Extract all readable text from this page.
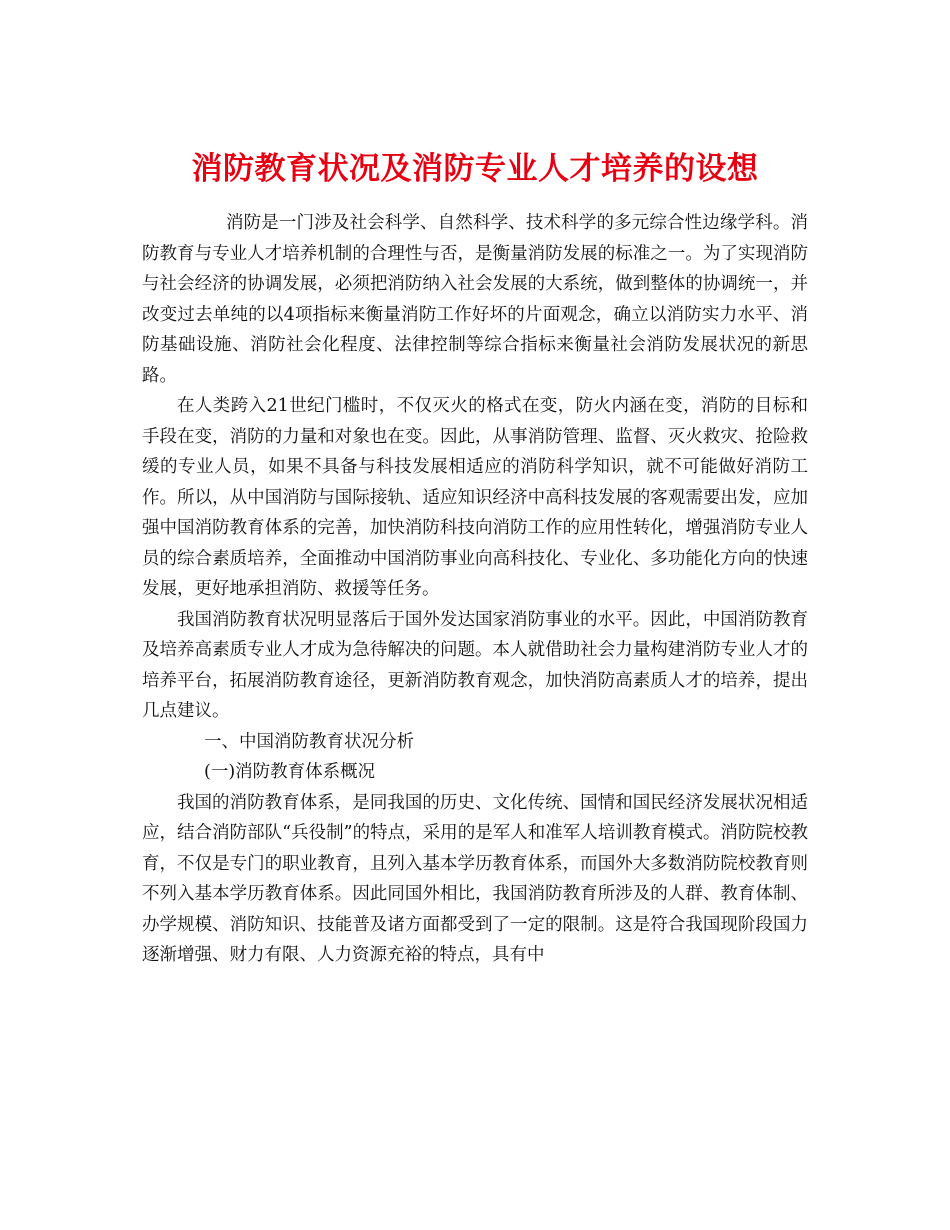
消防教育状况及消防专业人才培养的设想

消防是一门涉及社会科学、自然科学、技术科学的多元综合性边缘学科。消防教育与专业人才培养机制的合理性与否，是衡量消防发展的标准之一。为了实现消防与社会经济的协调发展，必须把消防纳入社会发展的大系统，做到整体的协调统一，并改变过去单纯的以4项指标来衡量消防工作好坏的片面观念，确立以消防实力水平、消防基础设施、消防社会化程度、法律控制等综合指标来衡量社会消防发展状况的新思路。

在人类跨入21世纪门槛时，不仅灭火的格式在变，防火内涵在变，消防的目标和手段在变，消防的力量和对象也在变。因此，从事消防管理、监督、灭火救灾、抢险救缓的专业人员，如果不具备与科技发展相适应的消防科学知识，就不可能做好消防工作。所以，从中国消防与国际接轨、适应知识经济中高科技发展的客观需要出发，应加强中国消防教育体系的完善，加快消防科技向消防工作的应用性转化，增强消防专业人员的综合素质培养，全面推动中国消防事业向高科技化、专业化、多功能化方向的快速发展，更好地承担消防、救援等任务。

我国消防教育状况明显落后于国外发达国家消防事业的水平。因此，中国消防教育及培养高素质专业人才成为急待解决的问题。本人就借助社会力量构建消防专业人才的培养平台，拓展消防教育途径，更新消防教育观念，加快消防高素质人才的培养，提出几点建议。

一、中国消防教育状况分析

(一)消防教育体系概况

我国的消防教育体系，是同我国的历史、文化传统、国情和国民经济发展状况相适应，结合消防部队“兵役制”的特点，采用的是军人和准军人培训教育模式。消防院校教育，不仅是专门的职业教育，且列入基本学历教育体系，而国外大多数消防院校教育则不列入基本学历教育体系。因此同国外相比，我国消防教育所涉及的人群、教育体制、办学规模、消防知识、技能普及诸方面都受到了一定的限制。这是符合我国现阶段国力逐渐增强、财力有限、人力资源充裕的特点，具有中
